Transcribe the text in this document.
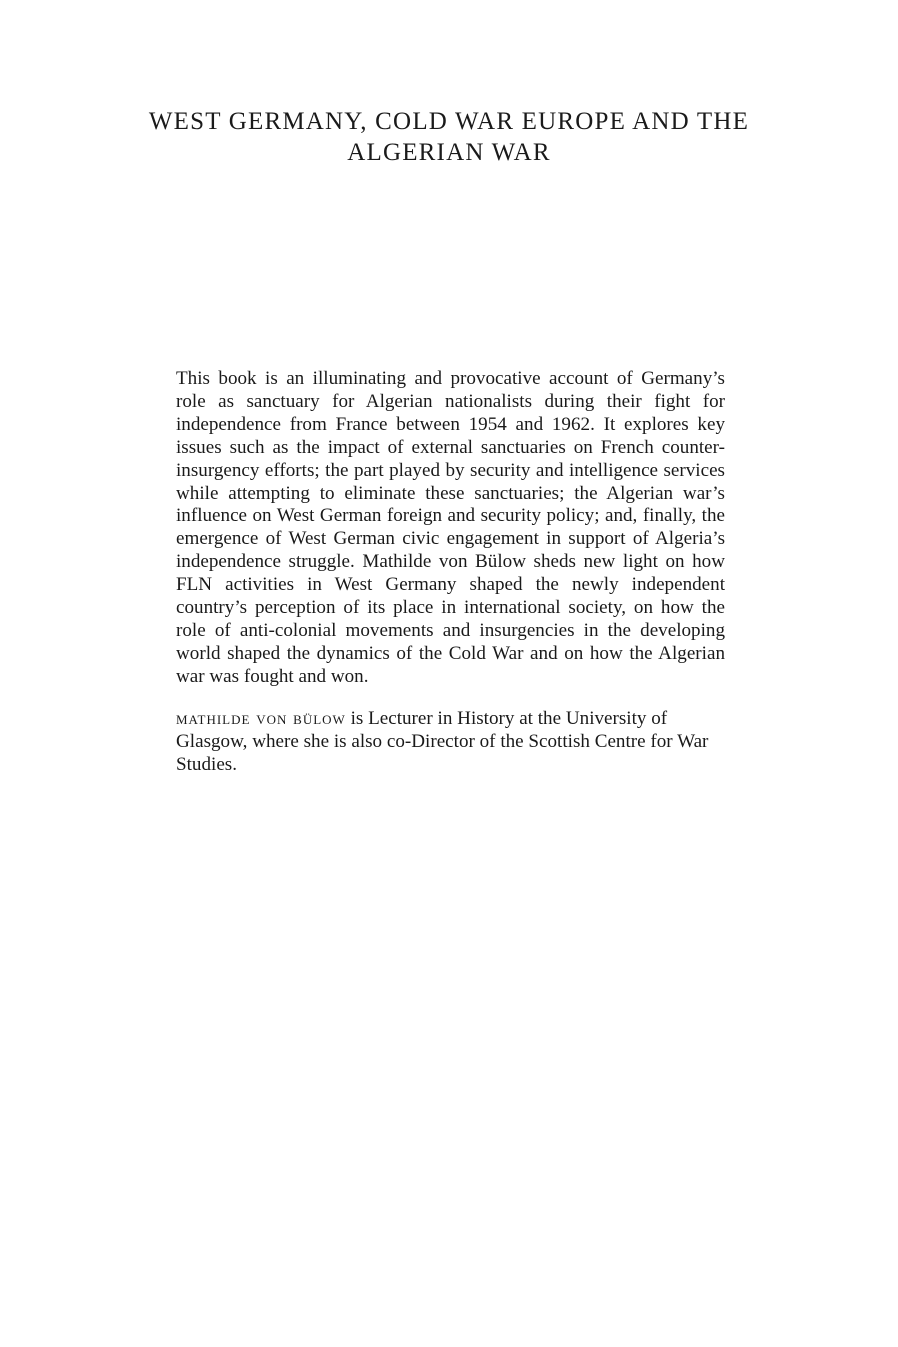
WEST GERMANY, COLD WAR EUROPE AND THE
ALGERIAN WAR

This book is an illuminating and provocative account of Germany’s role as sanctuary for Algerian nationalists during their fight for independence from France between 1954 and 1962. It explores key issues such as the impact of external sanctuaries on French counter-insurgency efforts; the part played by security and intelligence services while attempting to eliminate these sanctuaries; the Algerian war’s influence on West German foreign and security policy; and, finally, the emergence of West German civic engagement in support of Algeria’s independence struggle. Mathilde von Bülow sheds new light on how FLN activities in West Germany shaped the newly independent country’s perception of its place in international society, on how the role of anti-colonial movements and insurgencies in the developing world shaped the dynamics of the Cold War and on how the Algerian war was fought and won.

mathilde von bülow is Lecturer in History at the University of Glasgow, where she is also co-Director of the Scottish Centre for War Studies.
